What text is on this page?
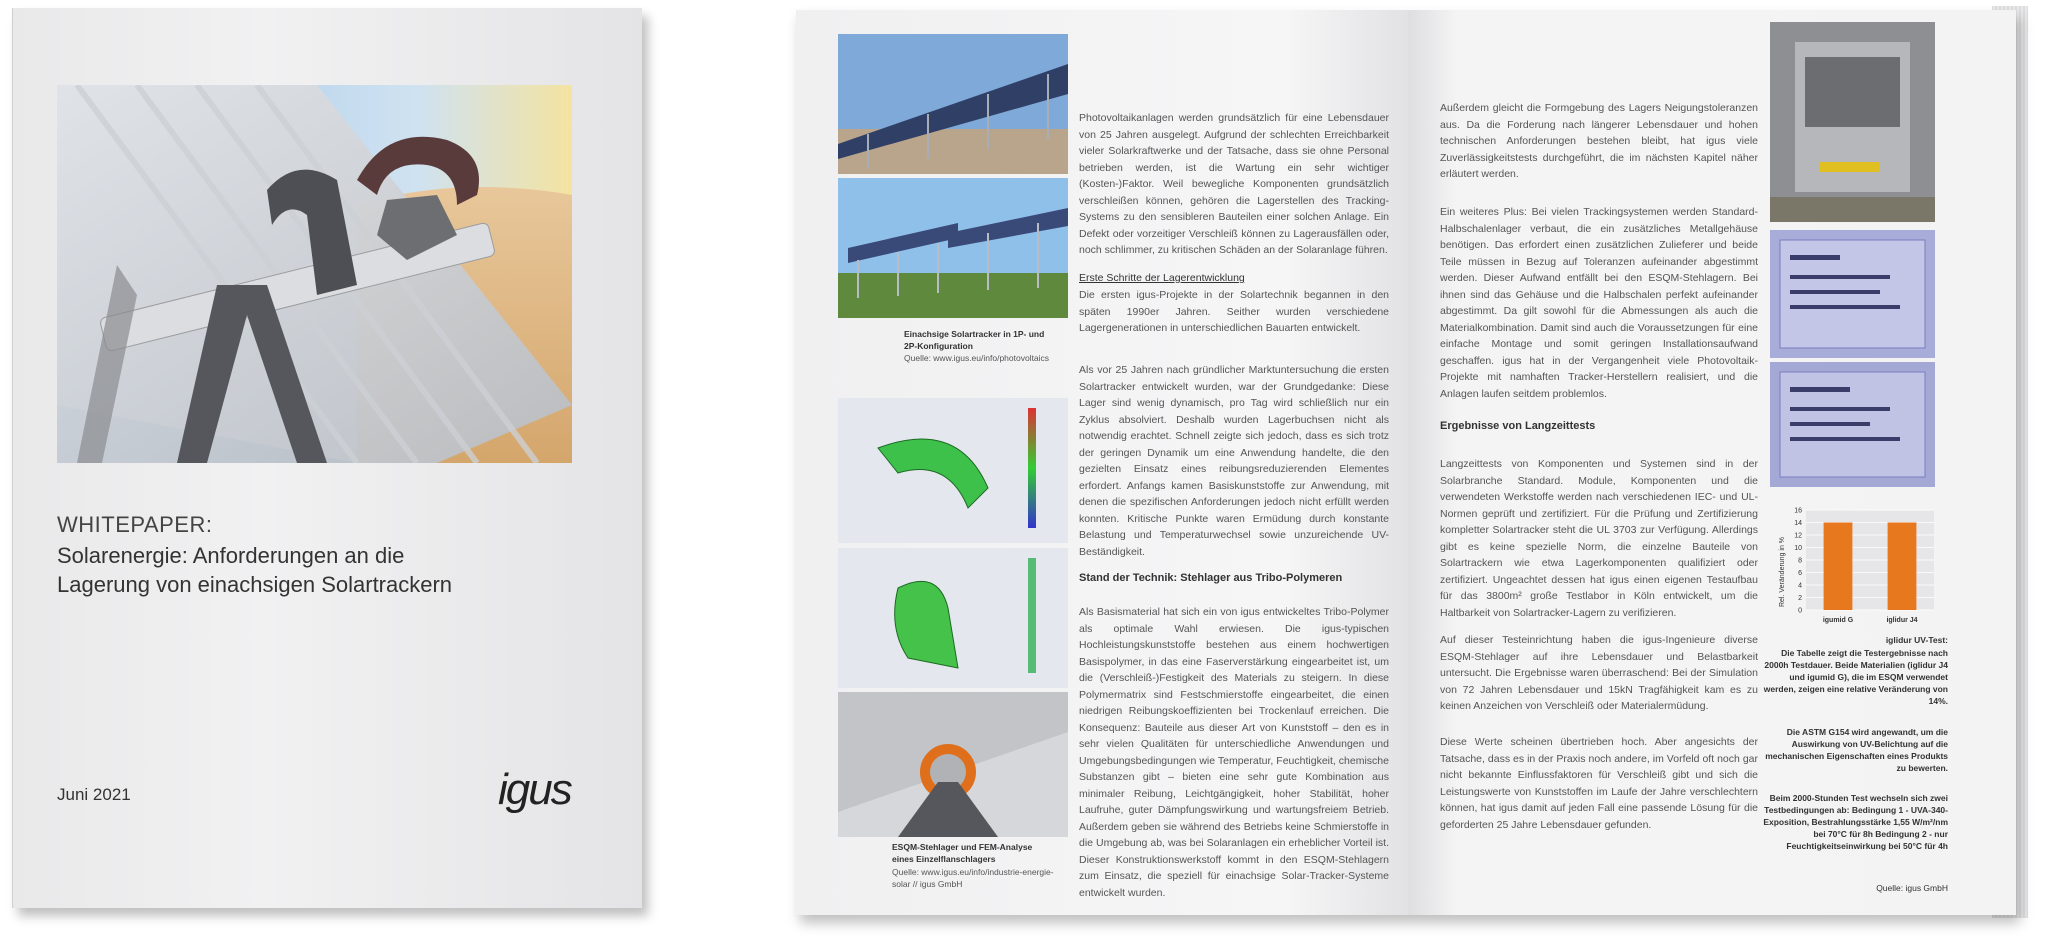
WHITEPAPER:
Solarenergie: Anforderungen an die
Lagerung von einachsigen Solartrackern
Juni 2021	igus
Einachsige Solartracker in 1P- und
2P-Konfiguration
Quelle: www.igus.eu/info/photovoltaics
ESQM-Stehlager und FEM-Analyse
eines Einzelflanschlagers
Quelle: www.igus.eu/info/industrie-energie-
solar // igus GmbH
Photovoltaikanlagen werden grundsätzlich für eine Lebensdauer von 25 Jahren ausgelegt. Aufgrund der schlechten Erreichbarkeit vieler Solarkraftwerke und der Tatsache, dass sie ohne Personal betrieben werden, ist die Wartung ein sehr wichtiger (Kosten-)Faktor. Weil bewegliche Komponenten grundsätzlich verschleißen können, gehören die Lagerstellen des Tracking-Systems zu den sensibleren Bauteilen einer solchen Anlage. Ein Defekt oder vorzeitiger Verschleiß können zu Lagerausfällen oder, noch schlimmer, zu kritischen Schäden an der Solaranlage führen.
Erste Schritte der Lagerentwicklung
Die ersten igus-Projekte in der Solartechnik begannen in den späten 1990er Jahren. Seither wurden verschiedene Lagergenerationen in unterschiedlichen Bauarten entwickelt.
Als vor 25 Jahren nach gründlicher Marktuntersuchung die ersten Solartracker entwickelt wurden, war der Grundgedanke: Diese Lager sind wenig dynamisch, pro Tag wird schließlich nur ein Zyklus absolviert. Deshalb wurden Lagerbuchsen nicht als notwendig erachtet. Schnell zeigte sich jedoch, dass es sich trotz der geringen Dynamik um eine Anwendung handelte, die den gezielten Einsatz eines reibungsreduzierenden Elementes erfordert. Anfangs kamen Basiskunststoffe zur Anwendung, mit denen die spezifischen Anforderungen jedoch nicht erfüllt werden konnten. Kritische Punkte waren Ermüdung durch konstante Belastung und Temperaturwechsel sowie unzureichende UV-Beständigkeit.
Stand der Technik: Stehlager aus Tribo-Polymeren
Als Basismaterial hat sich ein von igus entwickeltes Tribo-Polymer als optimale Wahl erwiesen. Die igus-typischen Hochleistungskunststoffe bestehen aus einem hochwertigen Basispolymer, in das eine Faserverstärkung eingearbeitet ist, um die (Verschleiß-)Festigkeit des Materials zu steigern. In diese Polymermatrix sind Festschmierstoffe eingearbeitet, die einen niedrigen Reibungskoeffizienten bei Trockenlauf erreichen. Die Konsequenz: Bauteile aus dieser Art von Kunststoff – den es in sehr vielen Qualitäten für unterschiedliche Anwendungen und Umgebungsbedingungen wie Temperatur, Feuchtigkeit, chemische Substanzen gibt – bieten eine sehr gute Kombination aus minimaler Reibung, Leichtgängigkeit, hoher Stabilität, hoher Laufruhe, guter Dämpfungswirkung und wartungsfreiem Betrieb. Außerdem geben sie während des Betriebs keine Schmierstoffe in die Umgebung ab, was bei Solaranlagen ein erheblicher Vorteil ist. Dieser Konstruktionswerkstoff kommt in den ESQM-Stehlagern zum Einsatz, die speziell für einachsige Solar-Tracker-Systeme entwickelt wurden.
Außerdem gleicht die Formgebung des Lagers Neigungstoleranzen aus. Da die Forderung nach längerer Lebensdauer und hohen technischen Anforderungen bestehen bleibt, hat igus viele Zuverlässigkeitstests durchgeführt, die im nächsten Kapitel näher erläutert werden.
Ein weiteres Plus: Bei vielen Trackingsystemen werden Standard-Halbschalenlager verbaut, die ein zusätzliches Metallgehäuse benötigen. Das erfordert einen zusätzlichen Zulieferer und beide Teile müssen in Bezug auf Toleranzen aufeinander abgestimmt werden. Dieser Aufwand entfällt bei den ESQM-Stehlagern. Bei ihnen sind das Gehäuse und die Halbschalen perfekt aufeinander abgestimmt. Da gilt sowohl für die Abmessungen als auch die Materialkombination. Damit sind auch die Voraussetzungen für eine einfache Montage und somit geringen Installationsaufwand geschaffen. igus hat in der Vergangenheit viele Photovoltaik-Projekte mit namhaften Tracker-Herstellern realisiert, und die Anlagen laufen seitdem problemlos.
Ergebnisse von Langzeittests
Langzeittests von Komponenten und Systemen sind in der Solarbranche Standard. Module, Komponenten und die verwendeten Werkstoffe werden nach verschiedenen IEC- und UL-Normen geprüft und zertifiziert. Für die Prüfung und Zertifizierung kompletter Solartracker steht die UL 3703 zur Verfügung. Allerdings gibt es keine spezielle Norm, die einzelne Bauteile von Solartrackern wie etwa Lagerkomponenten qualifiziert oder zertifiziert. Ungeachtet dessen hat igus einen eigenen Testaufbau für das 3800m² große Testlabor in Köln entwickelt, um die Haltbarkeit von Solartracker-Lagern zu verifizieren.
Auf dieser Testeinrichtung haben die igus-Ingenieure diverse ESQM-Stehlager auf ihre Lebensdauer und Belastbarkeit untersucht. Die Ergebnisse waren überraschend: Bei der Simulation von 72 Jahren Lebensdauer und 15kN Tragfähigkeit kam es zu keinen Anzeichen von Verschleiß oder Materialermüdung.
Diese Werte scheinen übertrieben hoch. Aber angesichts der Tatsache, dass es in der Praxis noch andere, im Vorfeld oft noch gar nicht bekannte Einflussfaktoren für Verschleiß gibt und sich die Leistungswerte von Kunststoffen im Laufe der Jahre verschlechtern können, hat igus damit auf jeden Fall eine passende Lösung für die geforderten 25 Jahre Lebensdauer gefunden.
0
2
4
6
8
10
12
14
16
igumid G	iglidur J4
Rel. Veränderung in %
iglidur UV-Test:
Die Tabelle zeigt die Testergebnisse nach 2000h Testdauer. Beide Materialien (iglidur J4 und igumid G), die im ESQM verwendet werden, zeigen eine relative Veränderung von 14%.
Die ASTM G154 wird angewandt, um die Auswirkung von UV-Belichtung auf die mechanischen Eigenschaften eines Produkts zu bewerten.
Beim 2000-Stunden Test wechseln sich zwei Testbedingungen ab: Bedingung 1 - UVA-340-Exposition, Bestrahlungsstärke 1,55 W/m²/nm bei 70°C für 8h Bedingung 2 - nur Feuchtigkeitseinwirkung bei 50°C für 4h
Quelle: igus GmbH
